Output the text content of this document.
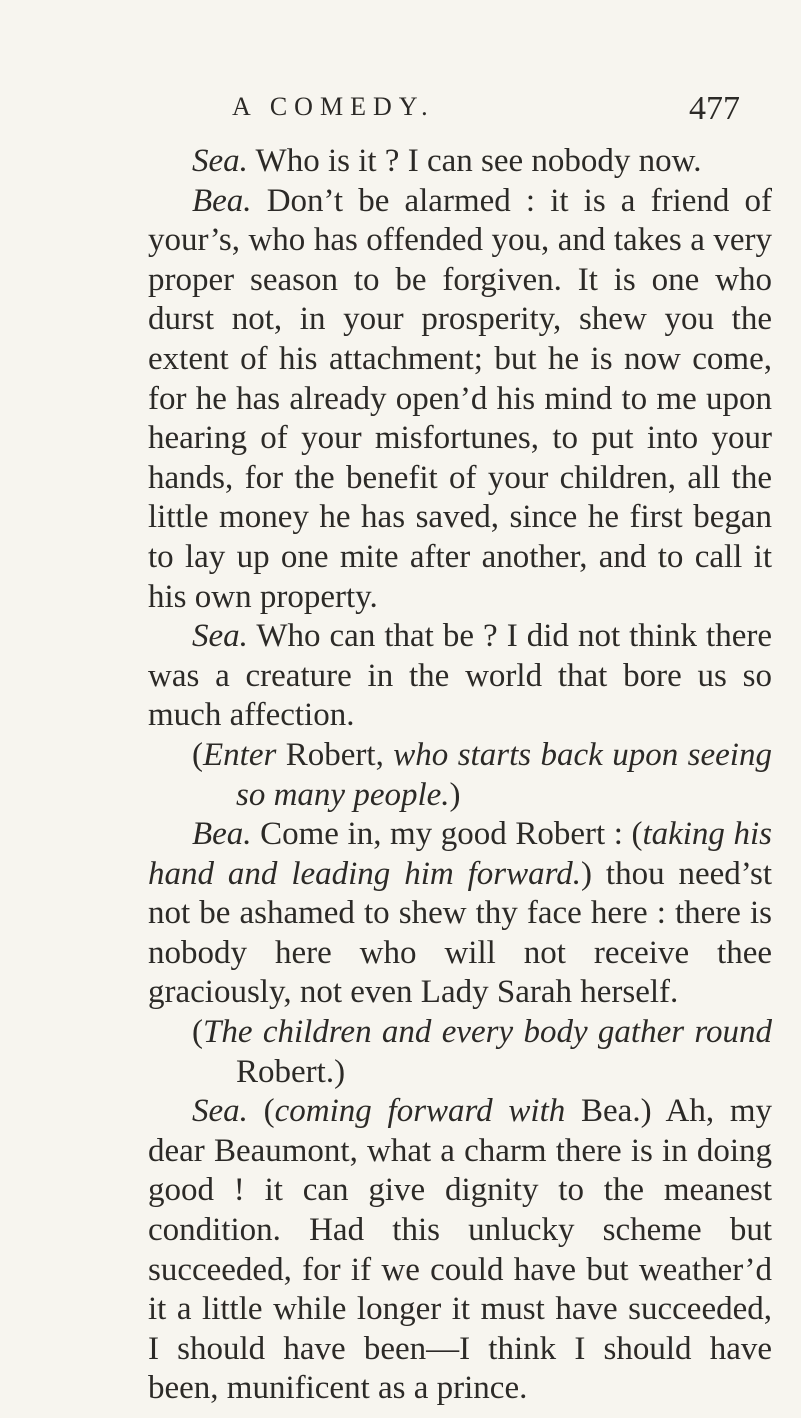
A COMEDY.	477

Sea. Who is it ? I can see nobody now.

Bea. Don’t be alarmed : it is a friend of your’s, who has offended you, and takes a very proper season to be forgiven. It is one who durst not, in your prosperity, shew you the extent of his attachment; but he is now come, for he has already open’d his mind to me upon hearing of your misfortunes, to put into your hands, for the benefit of your children, all the little money he has saved, since he first began to lay up one mite after another, and to call it his own property.

Sea. Who can that be ? I did not think there was a creature in the world that bore us so much affection.

(Enter Robert, who starts back upon seeing so many people.)

Bea. Come in, my good Robert : (taking his hand and leading him forward.) thou need’st not be ashamed to shew thy face here : there is nobody here who will not receive thee graciously, not even Lady Sarah herself.

(The children and every body gather round Robert.)

Sea. (coming forward with Bea.) Ah, my dear Beaumont, what a charm there is in doing good ! it can give dignity to the meanest condition. Had this unlucky scheme but succeeded, for if we could have but weather’d it a little while longer it must have succeeded, I should have been—I think I should have been, munificent as a prince.
